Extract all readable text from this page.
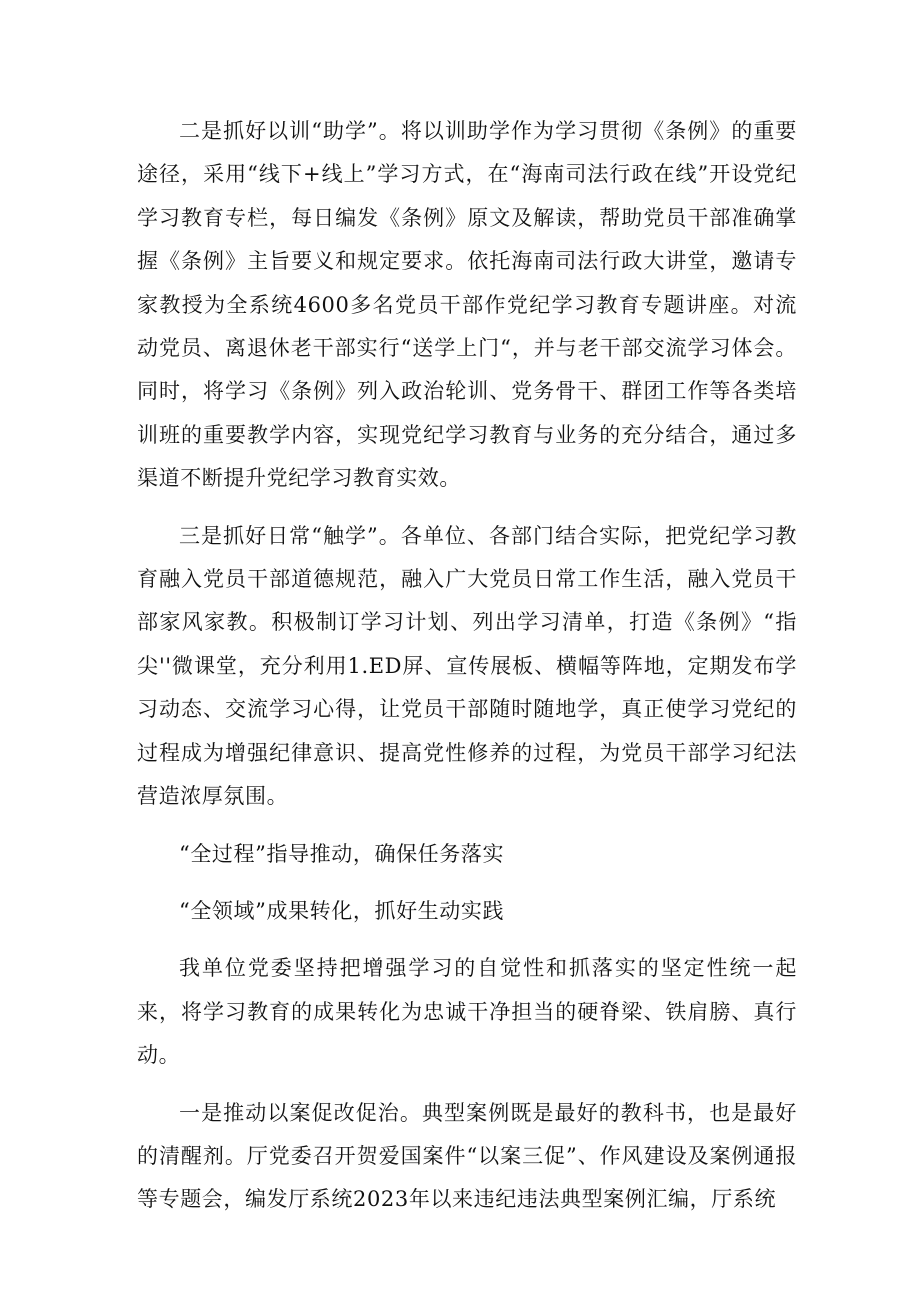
二是抓好以训“助学”。将以训助学作为学习贯彻《条例》的重要途径，采用“线下+线上”学习方式，在“海南司法行政在线”开设党纪学习教育专栏，每日编发《条例》原文及解读，帮助党员干部准确掌握《条例》主旨要义和规定要求。依托海南司法行政大讲堂，邀请专家教授为全系统4600多名党员干部作党纪学习教育专题讲座。对流动党员、离退休老干部实行“送学上门“，并与老干部交流学习体会。同时，将学习《条例》列入政治轮训、党务骨干、群团工作等各类培训班的重要教学内容，实现党纪学习教育与业务的充分结合，通过多渠道不断提升党纪学习教育实效。

三是抓好日常“触学”。各单位、各部门结合实际，把党纪学习教育融入党员干部道德规范，融入广大党员日常工作生活，融入党员干部家风家教。积极制订学习计划、列出学习清单，打造《条例》“指尖''微课堂，充分利用1.ED屏、宣传展板、横幅等阵地，定期发布学习动态、交流学习心得，让党员干部随时随地学，真正使学习党纪的过程成为增强纪律意识、提高党性修养的过程，为党员干部学习纪法营造浓厚氛围。

“全过程”指导推动，确保任务落实

“全领域”成果转化，抓好生动实践

我单位党委坚持把增强学习的自觉性和抓落实的坚定性统一起来，将学习教育的成果转化为忠诚干净担当的硬脊梁、铁肩膀、真行动。

一是推动以案促改促治。典型案例既是最好的教科书，也是最好的清醒剂。厅党委召开贺爱国案件“以案三促”、作风建设及案例通报等专题会，编发厅系统2023年以来违纪违法典型案例汇编，厅系统
